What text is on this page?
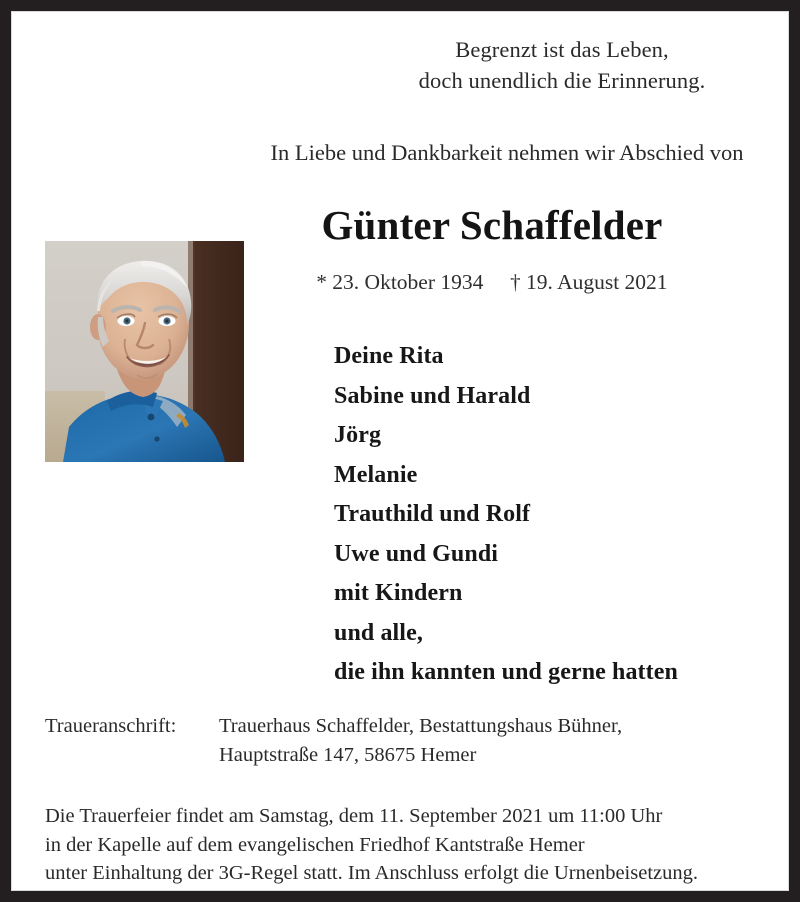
Begrenzt ist das Leben,
doch unendlich die Erinnerung.
In Liebe und Dankbarkeit nehmen wir Abschied von
Günter Schaffelder
* 23. Oktober 1934 † 19. August 2021
Deine Rita
Sabine und Harald
Jörg
Melanie
Trauthild und Rolf
Uwe und Gundi
mit Kindern
und alle,
die ihn kannten und gerne hatten
Traueranschrift:	Trauerhaus Schaffelder, Bestattungshaus Bühner,
Hauptstraße 147, 58675 Hemer
Die Trauerfeier findet am Samstag, dem 11. September 2021 um 11:00 Uhr
in der Kapelle auf dem evangelischen Friedhof Kantstraße Hemer
unter Einhaltung der 3G-Regel statt. Im Anschluss erfolgt die Urnenbeisetzung.
